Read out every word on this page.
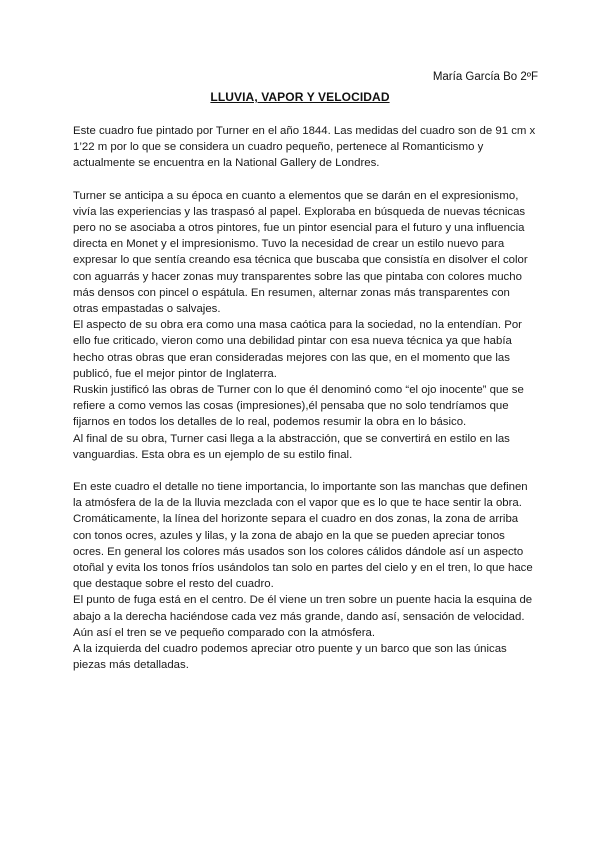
María García Bo 2ºF
LLUVIA, VAPOR Y VELOCIDAD

Este cuadro fue pintado por Turner en el año 1844. Las medidas del cuadro son de 91 cm x 1’22 m por lo que se considera un cuadro pequeño, pertenece al Romanticismo y actualmente se encuentra en la National Gallery de Londres.

Turner se anticipa a su época en cuanto a elementos que se darán en el expresionismo, vivía las experiencias y las traspasó al papel. Exploraba en búsqueda de nuevas técnicas pero no se asociaba a otros pintores, fue un pintor esencial para el futuro y una influencia directa en Monet y el impresionismo. Tuvo la necesidad de crear un estilo nuevo para expresar lo que sentía creando esa técnica que buscaba que consistía en disolver el color con aguarrás y hacer zonas muy transparentes sobre las que pintaba con colores mucho más densos con pincel o espátula. En resumen, alternar zonas más transparentes con otras empastadas o salvajes.

El aspecto de su obra era como una masa caótica para la sociedad, no la entendían. Por ello fue criticado, vieron como una debilidad pintar con esa nueva técnica ya que había hecho otras obras que eran consideradas mejores con las que, en el momento que las publicó, fue el mejor pintor de Inglaterra.

Ruskin justificó las obras de Turner con lo que él denominó como “el ojo inocente” que se refiere a como vemos las cosas (impresiones),él pensaba que no solo tendríamos que fijarnos en todos los detalles de lo real, podemos resumir la obra en lo básico.

Al final de su obra, Turner casi llega a la abstracción, que se convertirá en estilo en las vanguardias. Esta obra es un ejemplo de su estilo final.

En este cuadro el detalle no tiene importancia, lo importante son las manchas que definen la atmósfera de la de la lluvia mezclada con el vapor que es lo que te hace sentir la obra.

Cromáticamente, la línea del horizonte separa el cuadro en dos zonas, la zona de arriba con tonos ocres, azules y lilas, y la zona de abajo en la que se pueden apreciar tonos ocres. En general los colores más usados son los colores cálidos dándole así un aspecto otoñal y evita los tonos fríos usándolos tan solo en partes del cielo y en el tren, lo que hace que destaque sobre el resto del cuadro.

El punto de fuga está en el centro. De él viene un tren sobre un puente hacia la esquina de abajo a la derecha haciéndose cada vez más grande, dando así, sensación de velocidad. Aún así el tren se ve pequeño comparado con la atmósfera.

A la izquierda del cuadro podemos apreciar otro puente y un barco que son las únicas piezas más detalladas.
